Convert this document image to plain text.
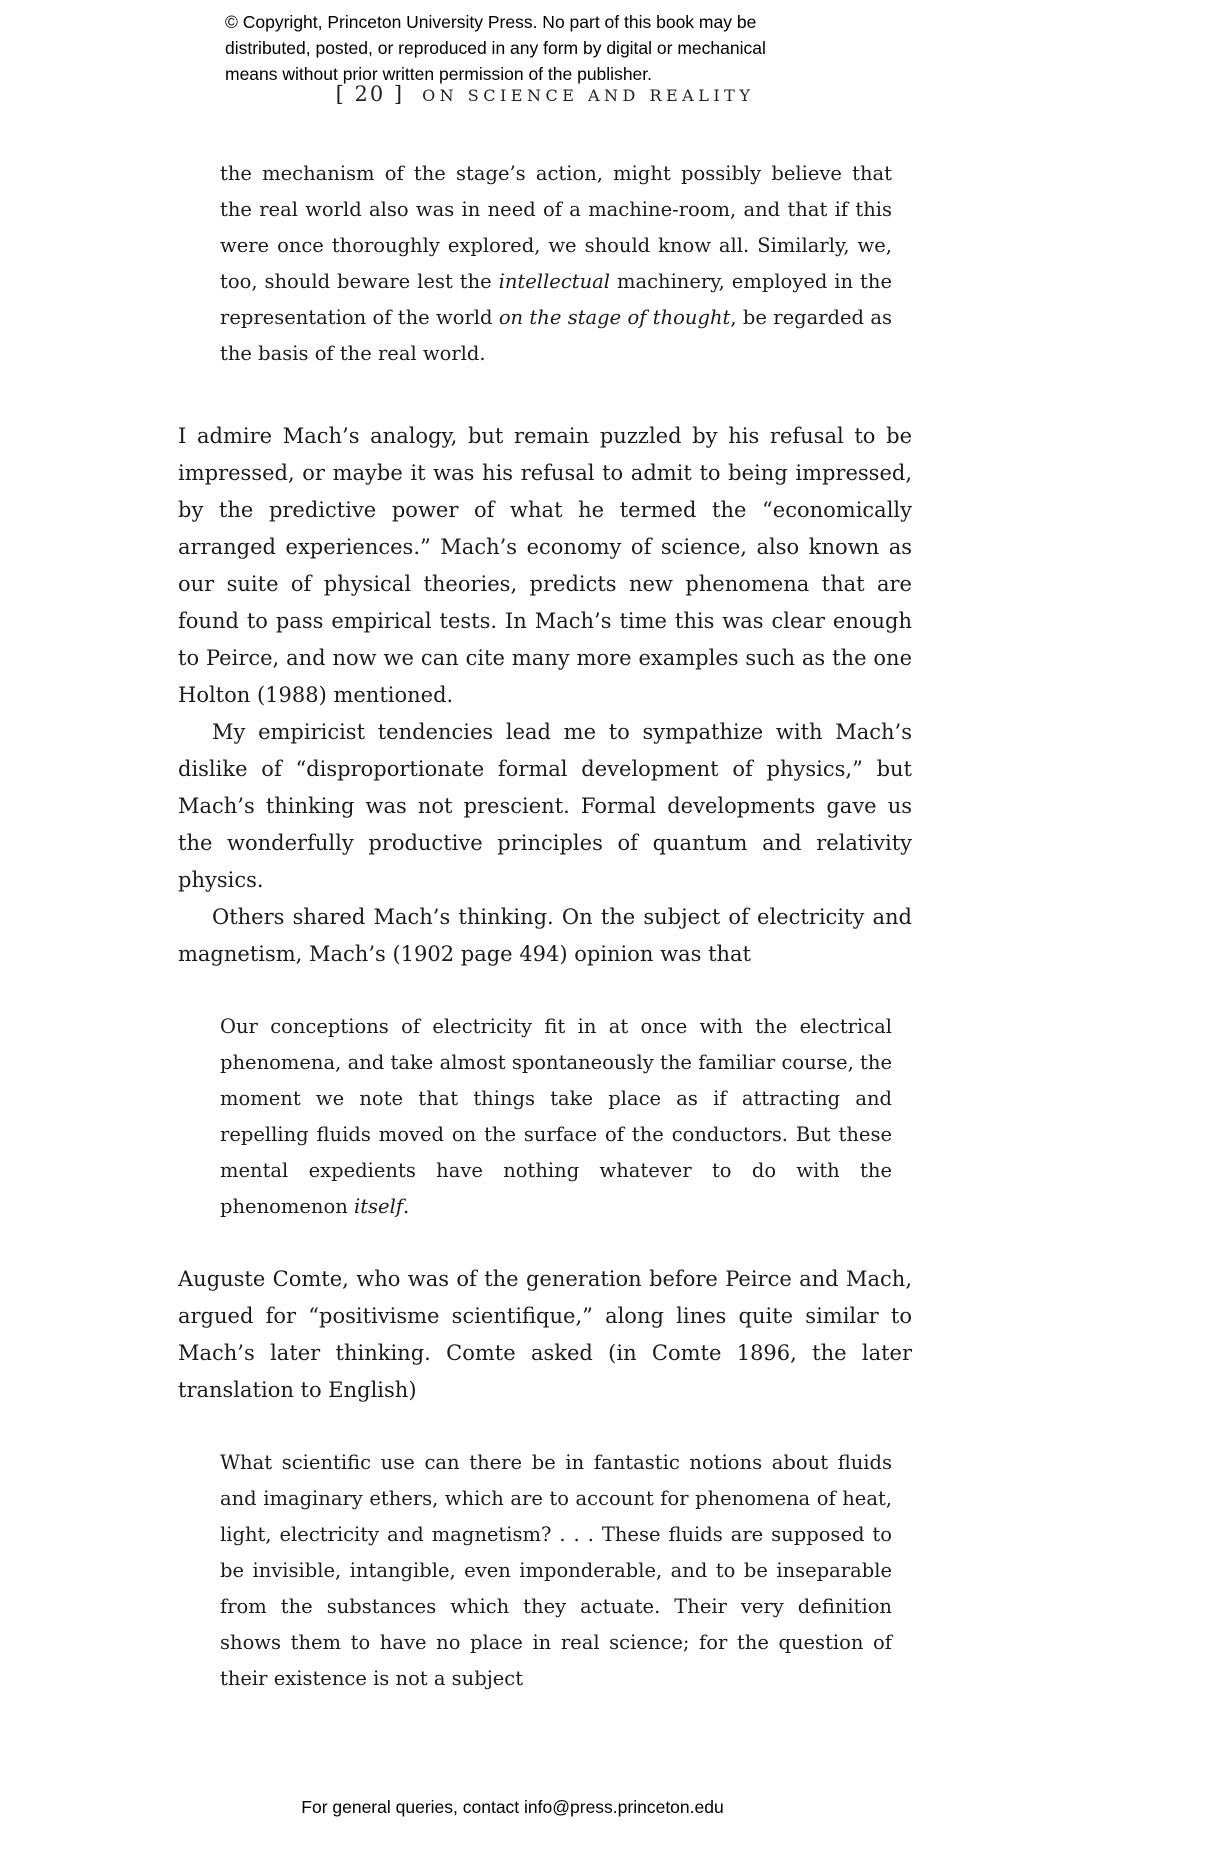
© Copyright, Princeton University Press. No part of this book may be
distributed, posted, or reproduced in any form by digital or mechanical
means without prior written permission of the publisher.
[ 20 ] ON SCIENCE AND REALITY

the mechanism of the stage’s action, might possibly believe that the real world also was in need of a machine-room, and that if this were once thoroughly explored, we should know all. Similarly, we, too, should beware lest the intellectual machinery, employed in the representation of the world on the stage of thought, be regarded as the basis of the real world.

I admire Mach’s analogy, but remain puzzled by his refusal to be impressed, or maybe it was his refusal to admit to being impressed, by the predictive power of what he termed the “economically arranged experiences.” Mach’s economy of science, also known as our suite of physical theories, predicts new phenomena that are found to pass empirical tests. In Mach’s time this was clear enough to Peirce, and now we can cite many more examples such as the one Holton (1988) mentioned.

My empiricist tendencies lead me to sympathize with Mach’s dislike of “disproportionate formal development of physics,” but Mach’s thinking was not prescient. Formal developments gave us the wonderfully productive principles of quantum and relativity physics.

Others shared Mach’s thinking. On the subject of electricity and magnetism, Mach’s (1902 page 494) opinion was that

Our conceptions of electricity fit in at once with the electrical phenomena, and take almost spontaneously the familiar course, the moment we note that things take place as if attracting and repelling fluids moved on the surface of the conductors. But these mental expedients have nothing whatever to do with the phenomenon itself.

Auguste Comte, who was of the generation before Peirce and Mach, argued for “positivisme scientifique,” along lines quite similar to Mach’s later thinking. Comte asked (in Comte 1896, the later translation to English)

What scientific use can there be in fantastic notions about fluids and imaginary ethers, which are to account for phenomena of heat, light, electricity and magnetism? . . . These fluids are supposed to be invisible, intangible, even imponderable, and to be inseparable from the substances which they actuate. Their very definition shows them to have no place in real science; for the question of their existence is not a subject

For general queries, contact info@press.princeton.edu
